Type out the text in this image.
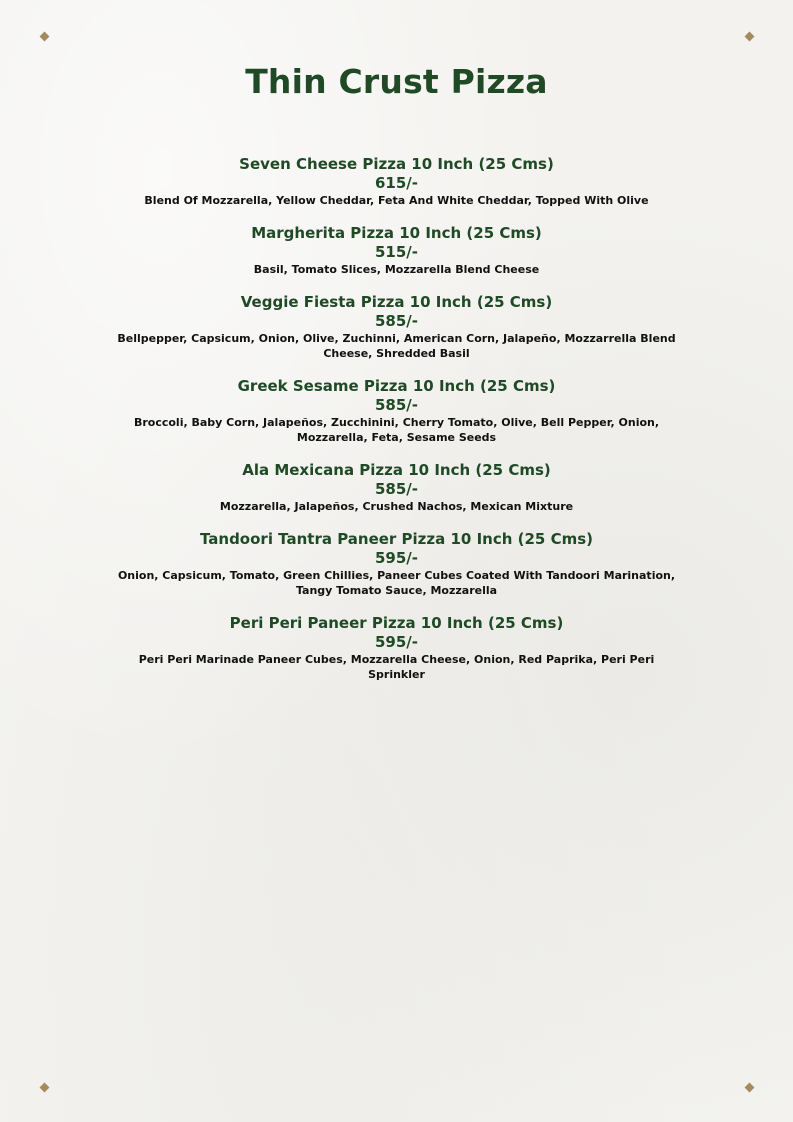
Thin Crust Pizza
Seven Cheese Pizza 10 Inch (25 Cms)
615/-
Blend Of Mozzarella, Yellow Cheddar, Feta And White Cheddar, Topped With Olive
Margherita Pizza 10 Inch (25 Cms)
515/-
Basil, Tomato Slices, Mozzarella Blend Cheese
Veggie Fiesta Pizza 10 Inch (25 Cms)
585/-
Bellpepper, Capsicum, Onion, Olive, Zuchinni, American Corn, Jalapeño, Mozzarrella Blend Cheese, Shredded Basil
Greek Sesame Pizza 10 Inch (25 Cms)
585/-
Broccoli, Baby Corn, Jalapeños, Zucchinini, Cherry Tomato, Olive, Bell Pepper, Onion, Mozzarella, Feta, Sesame Seeds
Ala Mexicana Pizza 10 Inch (25 Cms)
585/-
Mozzarella, Jalapeños, Crushed Nachos, Mexican Mixture
Tandoori Tantra Paneer Pizza 10 Inch (25 Cms)
595/-
Onion, Capsicum, Tomato, Green Chillies, Paneer Cubes Coated With Tandoori Marination, Tangy Tomato Sauce, Mozzarella
Peri Peri Paneer Pizza 10 Inch (25 Cms)
595/-
Peri Peri Marinade Paneer Cubes, Mozzarella Cheese, Onion, Red Paprika, Peri Peri Sprinkler
